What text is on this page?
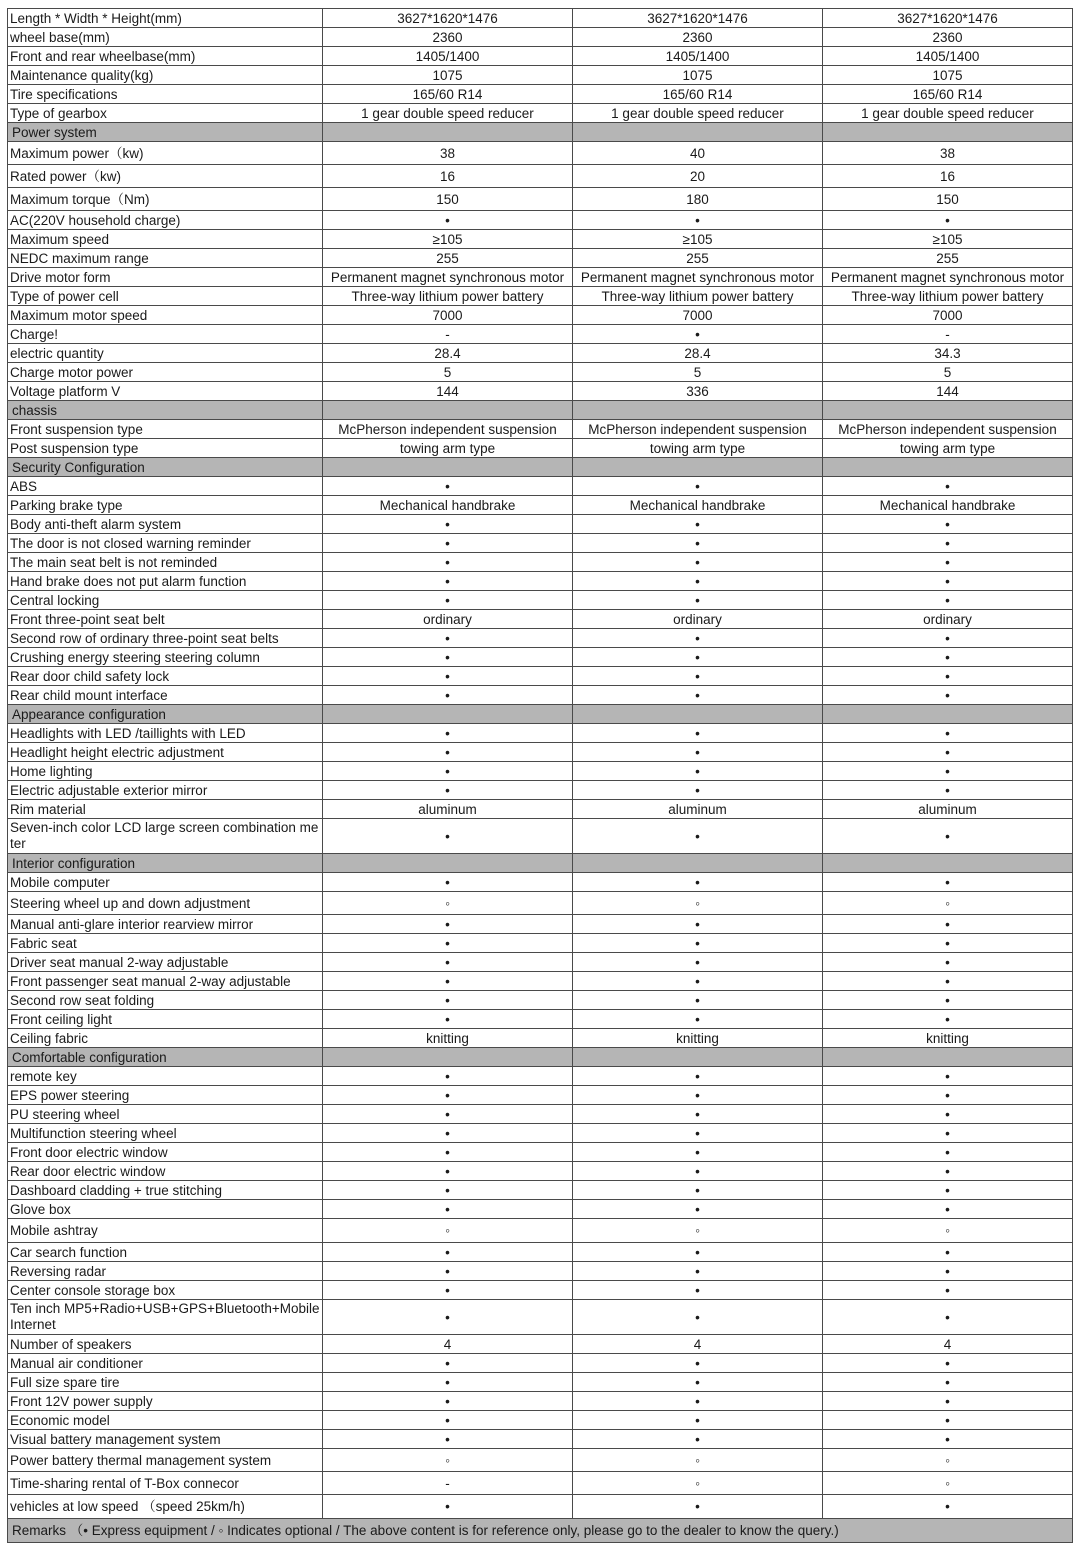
Length * Width * Height(mm)	3627*1620*1476	3627*1620*1476	3627*1620*1476
wheel base(mm)	2360	2360	2360
Front and rear wheelbase(mm)	1405/1400	1405/1400	1405/1400
Maintenance quality(kg)	1075	1075	1075
Tire specifications	165/60 R14	165/60 R14	165/60 R14
Type of gearbox	1 gear double speed reducer	1 gear double speed reducer	1 gear double speed reducer
Power system			
Maximum power（kw)	38	40	38
Rated power（kw)	16	20	16
Maximum torque（Nm)	150	180	150
AC(220V household charge)	•	•	•
Maximum speed	≥105	≥105	≥105
NEDC maximum range	255	255	255
Drive motor form	Permanent magnet synchronous motor	Permanent magnet synchronous motor	Permanent magnet synchronous motor
Type of power cell	Three-way lithium power battery	Three-way lithium power battery	Three-way lithium power battery
Maximum motor speed	7000	7000	7000
Charge!	-	•	-
electric quantity	28.4	28.4	34.3
Charge motor power	5	5	5
Voltage platform V	144	336	144
chassis			
Front suspension type	McPherson independent suspension	McPherson independent suspension	McPherson independent suspension
Post suspension type	towing arm type	towing arm type	towing arm type
Security Configuration			
ABS	•	•	•
Parking brake type	Mechanical handbrake	Mechanical handbrake	Mechanical handbrake
Body anti-theft alarm system	•	•	•
The door is not closed warning reminder	•	•	•
The main seat belt is not reminded	•	•	•
Hand brake does not put alarm function	•	•	•
Central locking	•	•	•
Front three-point seat belt	ordinary	ordinary	ordinary
Second row of ordinary three-point seat belts	•	•	•
Crushing energy steering steering column	•	•	•
Rear door child safety lock	•	•	•
Rear child mount interface	•	•	•
Appearance configuration			
Headlights with LED /taillights with LED	•	•	•
Headlight height electric adjustment	•	•	•
Home lighting	•	•	•
Electric adjustable exterior mirror	•	•	•
Rim material	aluminum	aluminum	aluminum
Seven-inch color LCD large screen combination meter	•	•	•
Interior configuration			
Mobile computer	•	•	•
Steering wheel up and down adjustment	◦	◦	◦
Manual anti-glare interior rearview mirror	•	•	•
Fabric seat	•	•	•
Driver seat manual 2-way adjustable	•	•	•
Front passenger seat manual 2-way adjustable	•	•	•
Second row seat folding	•	•	•
Front ceiling light	•	•	•
Ceiling fabric	knitting	knitting	knitting
Comfortable configuration			
remote key	•	•	•
EPS power steering	•	•	•
PU steering wheel	•	•	•
Multifunction steering wheel	•	•	•
Front door electric window	•	•	•
Rear door electric window	•	•	•
Dashboard cladding + true stitching	•	•	•
Glove box	•	•	•
Mobile ashtray	◦	◦	◦
Car search function	•	•	•
Reversing radar	•	•	•
Center console storage box	•	•	•
Ten inch MP5+Radio+USB+GPS+Bluetooth+Mobile Internet	•	•	•
Number of speakers	4	4	4
Manual air conditioner	•	•	•
Full size spare tire	•	•	•
Front 12V power supply	•	•	•
Economic model	•	•	•
Visual battery management system	•	•	•
Power battery thermal management system	◦	◦	◦
Time-sharing rental of T-Box connecor	-	◦	◦
vehicles at low speed （speed 25km/h)	•	•	•
Remarks （• Express equipment / ◦ Indicates optional / The above content is for reference only, please go to the dealer to know the query.)			
